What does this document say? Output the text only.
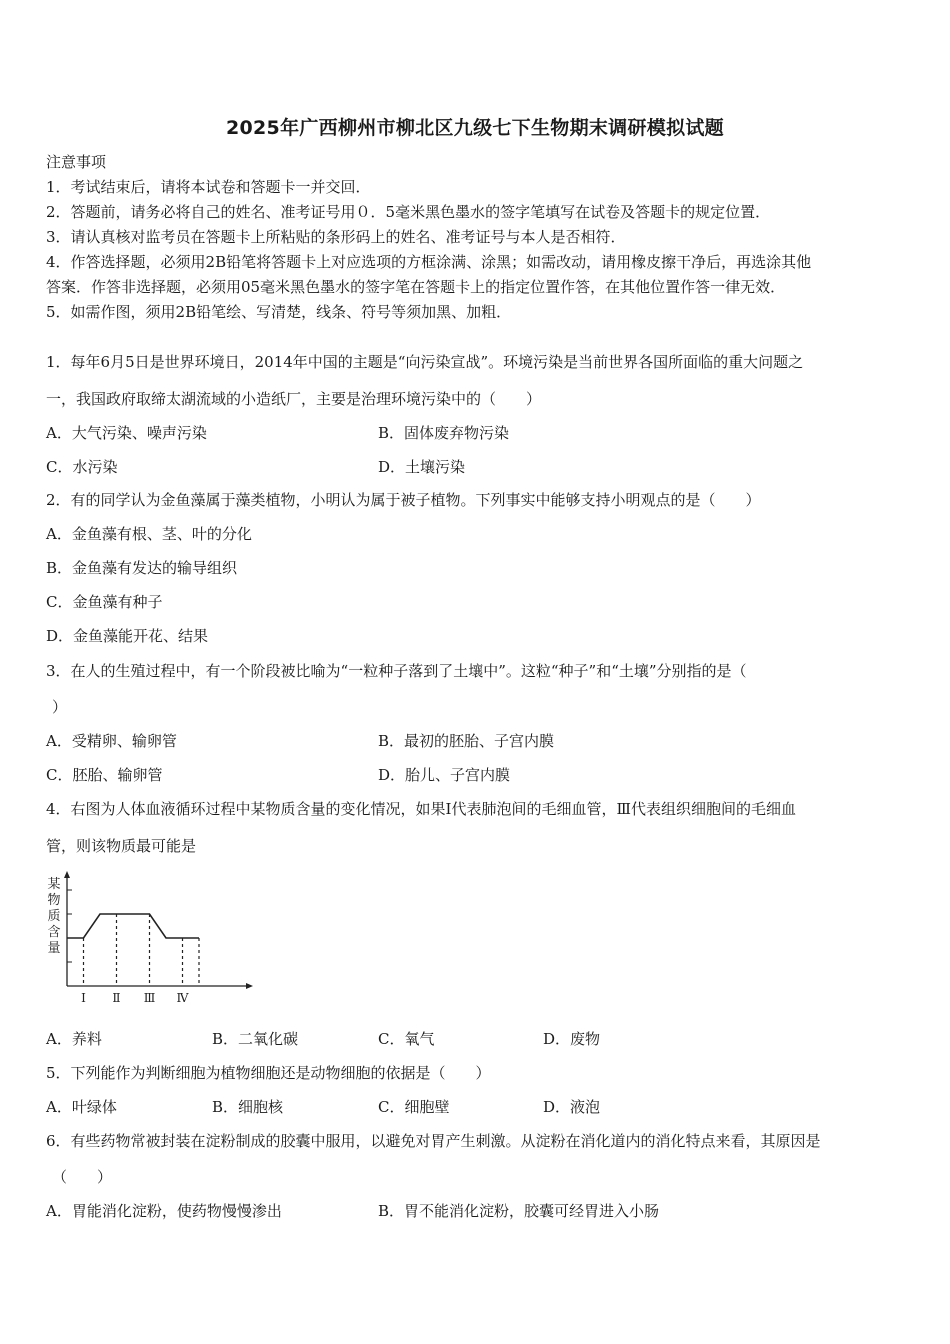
2025年广西柳州市柳北区九级七下生物期末调研模拟试题
注意事项
1．考试结束后，请将本试卷和答题卡一并交回．
2．答题前，请务必将自己的姓名、准考证号用０．5毫米黑色墨水的签字笔填写在试卷及答题卡的规定位置．
3．请认真核对监考员在答题卡上所粘贴的条形码上的姓名、准考证号与本人是否相符．
4．作答选择题，必须用2B铅笔将答题卡上对应选项的方框涂满、涂黑；如需改动，请用橡皮擦干净后，再选涂其他
答案．作答非选择题，必须用05毫米黑色墨水的签字笔在答题卡上的指定位置作答，在其他位置作答一律无效．
5．如需作图，须用2B铅笔绘、写清楚，线条、符号等须加黑、加粗．
1．每年6月5日是世界环境日，2014年中国的主题是“向污染宣战”。环境污染是当前世界各国所面临的重大问题之
一，我国政府取缔太湖流域的小造纸厂，主要是治理环境污染中的（　　）
A．大气污染、噪声污染	B．固体废弃物污染
C．水污染	D．土壤污染
2．有的同学认为金鱼藻属于藻类植物，小明认为属于被子植物。下列事实中能够支持小明观点的是（　　）
A．金鱼藻有根、茎、叶的分化
B．金鱼藻有发达的输导组织
C．金鱼藻有种子
D．金鱼藻能开花、结果
3．在人的生殖过程中，有一个阶段被比喻为“一粒种子落到了土壤中”。这粒“种子”和“土壤”分别指的是（
）
A．受精卵、输卵管	B．最初的胚胎、子宫内膜
C．胚胎、输卵管	D．胎儿、子宫内膜
4．右图为人体血液循环过程中某物质含量的变化情况，如果Ⅰ代表肺泡间的毛细血管，Ⅲ代表组织细胞间的毛细血
管，则该物质最可能是
某
物
质
含
量
Ⅰ Ⅱ Ⅲ Ⅳ
A．养料	B．二氧化碳	C．氧气	D．废物
5．下列能作为判断细胞为植物细胞还是动物细胞的依据是（　　）
A．叶绿体	B．细胞核	C．细胞壁	D．液泡
6．有些药物常被封装在淀粉制成的胶囊中服用，以避免对胃产生刺激。从淀粉在消化道内的消化特点来看，其原因是
（　　）
A．胃能消化淀粉，使药物慢慢渗出	B．胃不能消化淀粉，胶囊可经胃进入小肠
